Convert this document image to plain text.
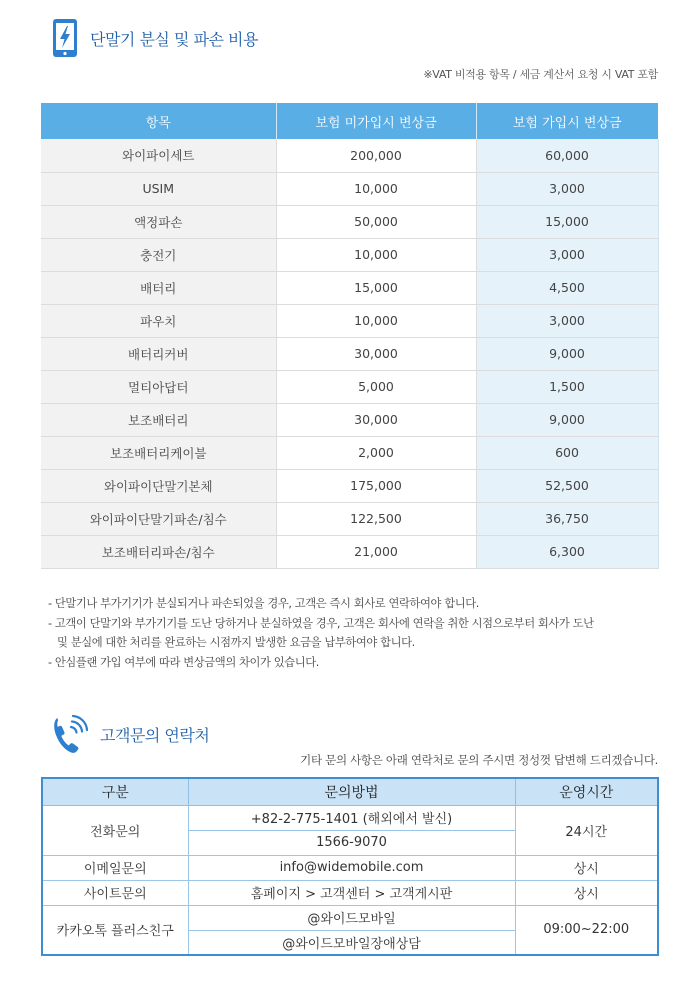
단말기 분실 및 파손 비용
※VAT 비적용 항목 / 세금 계산서 요청 시 VAT 포함
항목	보험 미가입시 변상금	보험 가입시 변상금
와이파이세트	200,000	60,000
USIM	10,000	3,000
액정파손	50,000	15,000
충전기	10,000	3,000
배터리	15,000	4,500
파우치	10,000	3,000
배터리커버	30,000	9,000
멀티아답터	5,000	1,500
보조배터리	30,000	9,000
보조배터리케이블	2,000	600
와이파이단말기본체	175,000	52,500
와이파이단말기파손/침수	122,500	36,750
보조배터리파손/침수	21,000	6,300
- 단말기나 부가기기가 분실되거나 파손되었을 경우, 고객은 즉시 회사로 연락하여야 합니다.
- 고객이 단말기와 부가기기를 도난 당하거나 분실하였을 경우, 고객은 회사에 연락을 취한 시점으로부터 회사가 도난
및 분실에 대한 처리를 완료하는 시점까지 발생한 요금을 납부하여야 합니다.
- 안심플랜 가입 여부에 따라 변상금액의 차이가 있습니다.
고객문의 연락처
기타 문의 사항은 아래 연락처로 문의 주시면 정성껏 답변해 드리겠습니다.
구분	문의방법	운영시간
전화문의	+82-2-775-1401 (해외에서 발신)	24시간
	1566-9070	
이메일문의	info@widemobile.com	상시
사이트문의	홈페이지 > 고객센터 > 고객게시판	상시
카카오톡 플러스친구	@와이드모바일	09:00~22:00
	@와이드모바일장애상담	
